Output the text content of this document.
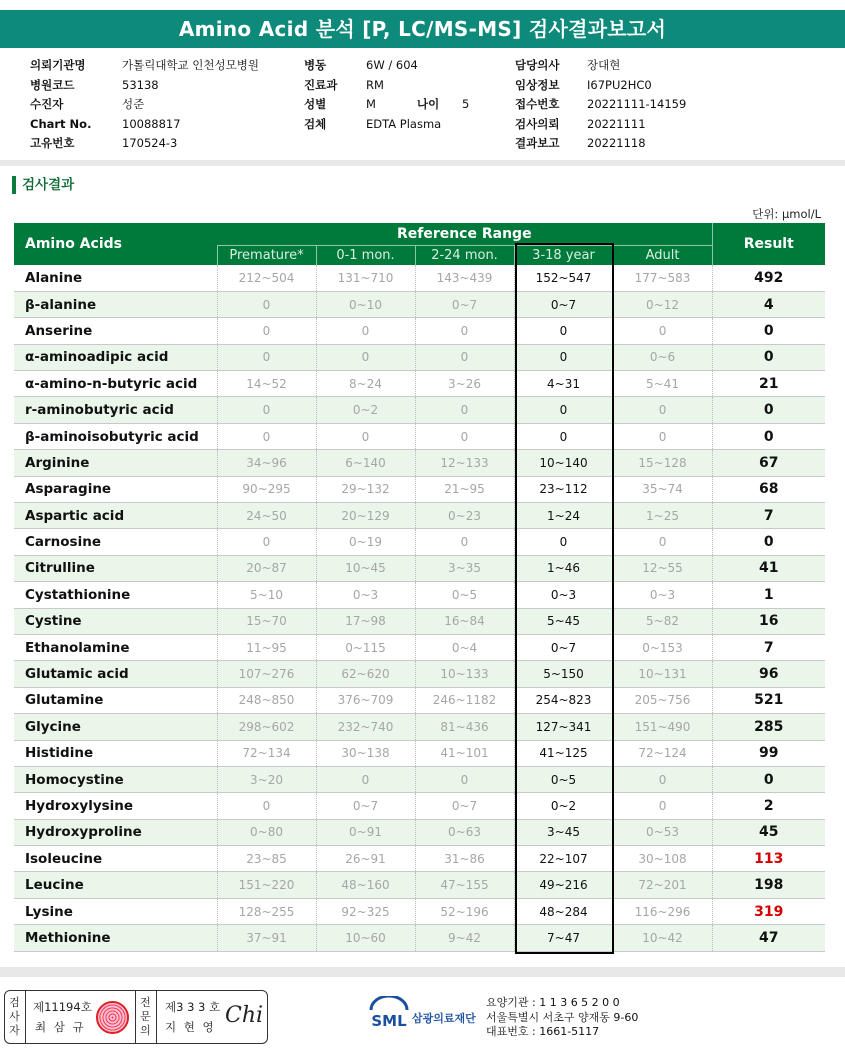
Amino Acid 분석 [P, LC/MS-MS] 검사결과보고서
의뢰기관명	가톨릭대학교 인천성모병원
병원코드	53138
수진자	성준
Chart No.	10088817
고유번호	170524-3
병동	6W / 604
진료과 RM
성별	M	나이 5
검체	EDTA Plasma
담당의사 장대현
임상정보 I67PU2HC0
접수번호 20221111-14159
검사의뢰 20221111
결과보고 20221118
검사결과
단위: μmol/L
Amino Acids	Reference Range					Result
	Premature*	0-1 mon.	2-24 mon.	3-18 year	Adult	
Alanine	212~504	131~710	143~439	152~547	177~583	492
β-alanine	0	0~10	0~7	0~7	0~12	4
Anserine	0	0	0	0	0	0
α-aminoadipic acid	0	0	0	0	0~6	0
α-amino-n-butyric acid	14~52	8~24	3~26	4~31	5~41	21
r-aminobutyric acid	0	0~2	0	0	0	0
β-aminoisobutyric acid	0	0	0	0	0	0
Arginine	34~96	6~140	12~133	10~140	15~128	67
Asparagine	90~295	29~132	21~95	23~112	35~74	68
Aspartic acid	24~50	20~129	0~23	1~24	1~25	7
Carnosine	0	0~19	0	0	0	0
Citrulline	20~87	10~45	3~35	1~46	12~55	41
Cystathionine	5~10	0~3	0~5	0~3	0~3	1
Cystine	15~70	17~98	16~84	5~45	5~82	16
Ethanolamine	11~95	0~115	0~4	0~7	0~153	7
Glutamic acid	107~276	62~620	10~133	5~150	10~131	96
Glutamine	248~850	376~709	246~1182	254~823	205~756	521
Glycine	298~602	232~740	81~436	127~341	151~490	285
Histidine	72~134	30~138	41~101	41~125	72~124	99
Homocystine	3~20	0	0	0~5	0	0
Hydroxylysine	0	0~7	0~7	0~2	0	2
Hydroxyproline	0~80	0~91	0~63	3~45	0~53	45
Isoleucine	23~85	26~91	31~86	22~107	30~108	113
Leucine	151~220	48~160	47~155	49~216	72~201	198
Lysine	128~255	92~325	52~196	48~284	116~296	319
Methionine	37~91	10~60	9~42	7~47	10~42	47
검사자
제11194호
최 삼 규
전문의
제3 3 3 호
지 현 영 Chi	SML 삼광의료재단
요양기관 : 1 1 3 6 5 2 0 0
서울특별시 서초구 양재동 9-60
대표번호 : 1661-5117
